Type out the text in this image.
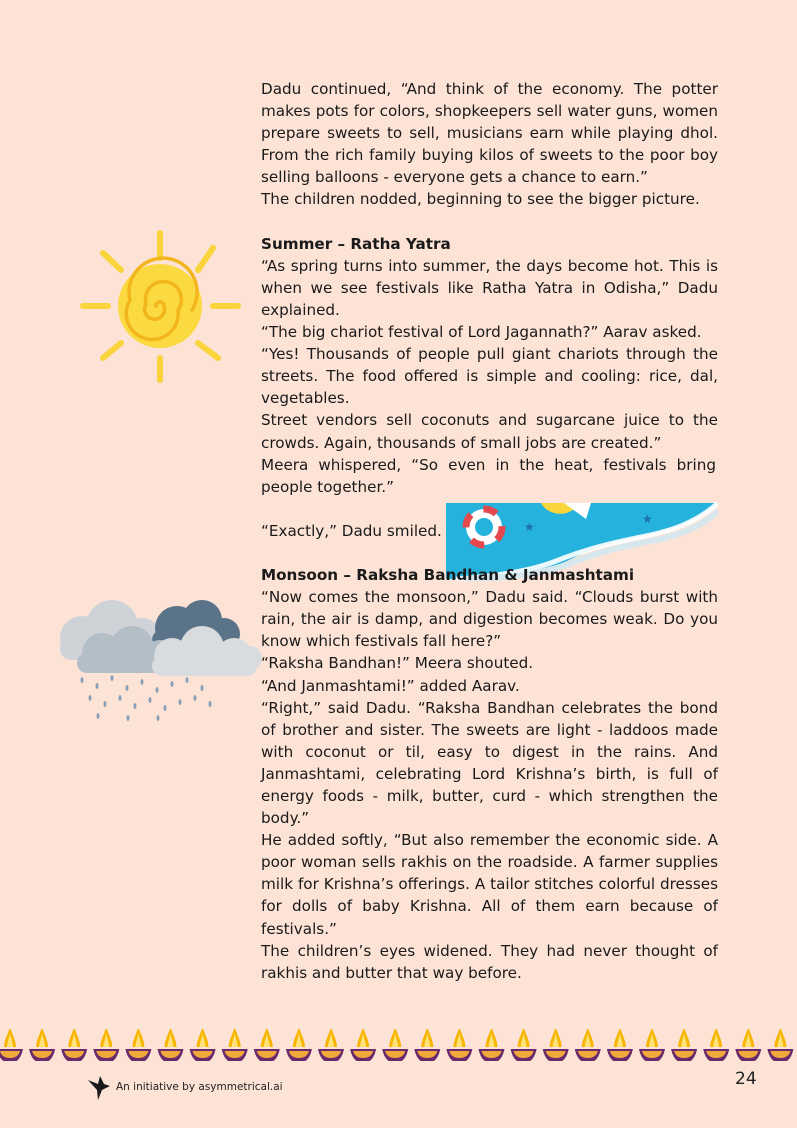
★
★

Dadu continued, “And think of the economy. The potter makes pots for colors, shopkeepers sell water guns, women prepare sweets to sell, musicians earn while playing dhol. From the rich family buying kilos of sweets to the poor boy selling balloons - everyone gets a chance to earn.”

The children nodded, beginning to see the bigger picture.

Summer – Ratha Yatra

“As spring turns into summer, the days become hot. This is when we see festivals like Ratha Yatra in Odisha,” Dadu explained.

“The big chariot festival of Lord Jagannath?” Aarav asked.

“Yes! Thousands of people pull giant chariots through the streets. The food offered is simple and cooling: rice, dal, vegetables.

Street vendors sell coconuts and sugarcane juice to the crowds. Again, thousands of small jobs are created.”

Meera whispered, “So even in the heat, festivals bring people together.”

“Exactly,” Dadu smiled.

Monsoon – Raksha Bandhan & Janmashtami

“Now comes the monsoon,” Dadu said. “Clouds burst with rain, the air is damp, and digestion becomes weak. Do you know which festivals fall here?”

“Raksha Bandhan!” Meera shouted.

“And Janmashtami!” added Aarav.

“Right,” said Dadu. “Raksha Bandhan celebrates the bond of brother and sister. The sweets are light - laddoos made with coconut or til, easy to digest in the rains. And Janmashtami, celebrating Lord Krishna’s birth, is full of energy foods - milk, butter, curd - which strengthen the body.”

He added softly, “But also remember the economic side. A poor woman sells rakhis on the roadside. A farmer supplies milk for Krishna’s offerings. A tailor stitches colorful dresses for dolls of baby Krishna. All of them earn because of festivals.”

The children’s eyes widened. They had never thought of rakhis and butter that way before.

An initiative by asymmetrical.ai	24
